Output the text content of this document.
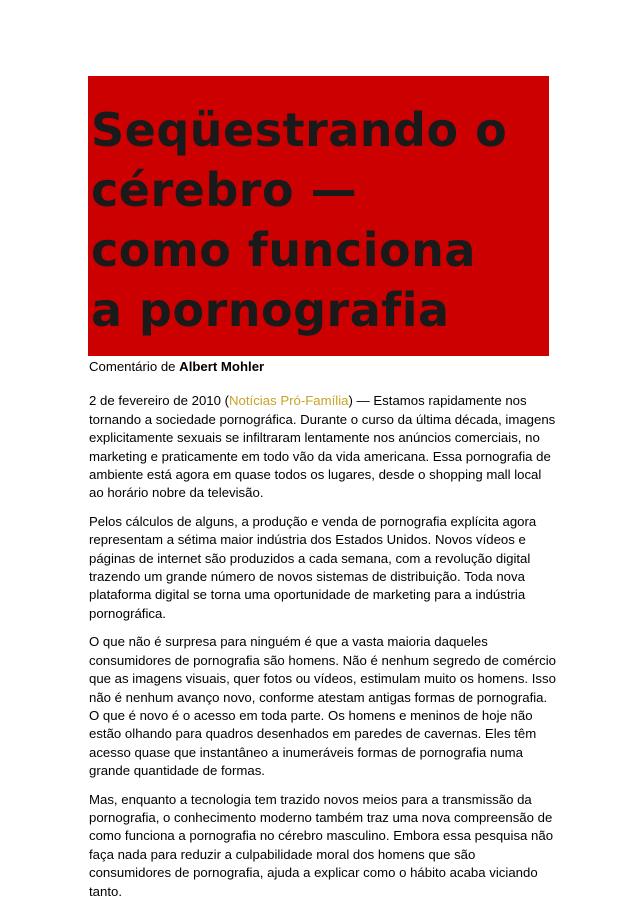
Seqüestrando o
cérebro —
como funciona
a pornografia

Comentário de Albert Mohler

2 de fevereiro de 2010 (Notícias Pró-Família) — Estamos rapidamente nos tornando a sociedade pornográfica. Durante o curso da última década, imagens explicitamente sexuais se infiltraram lentamente nos anúncios comerciais, no marketing e praticamente em todo vão da vida americana. Essa pornografia de ambiente está agora em quase todos os lugares, desde o shopping mall local ao horário nobre da televisão.

Pelos cálculos de alguns, a produção e venda de pornografia explícita agora representam a sétima maior indústria dos Estados Unidos. Novos vídeos e páginas de internet são produzidos a cada semana, com a revolução digital trazendo um grande número de novos sistemas de distribuição. Toda nova plataforma digital se torna uma oportunidade de marketing para a indústria pornográfica.

O que não é surpresa para ninguém é que a vasta maioria daqueles consumidores de pornografia são homens. Não é nenhum segredo de comércio que as imagens visuais, quer fotos ou vídeos, estimulam muito os homens. Isso não é nenhum avanço novo, conforme atestam antigas formas de pornografia. O que é novo é o acesso em toda parte. Os homens e meninos de hoje não estão olhando para quadros desenhados em paredes de cavernas. Eles têm acesso quase que instantâneo a inumeráveis formas de pornografia numa grande quantidade de formas.

Mas, enquanto a tecnologia tem trazido novos meios para a transmissão da pornografia, o conhecimento moderno também traz uma nova compreensão de como funciona a pornografia no cérebro masculino. Embora essa pesquisa não faça nada para reduzir a culpabilidade moral dos homens que são consumidores de pornografia, ajuda a explicar como o hábito acaba viciando tanto.
